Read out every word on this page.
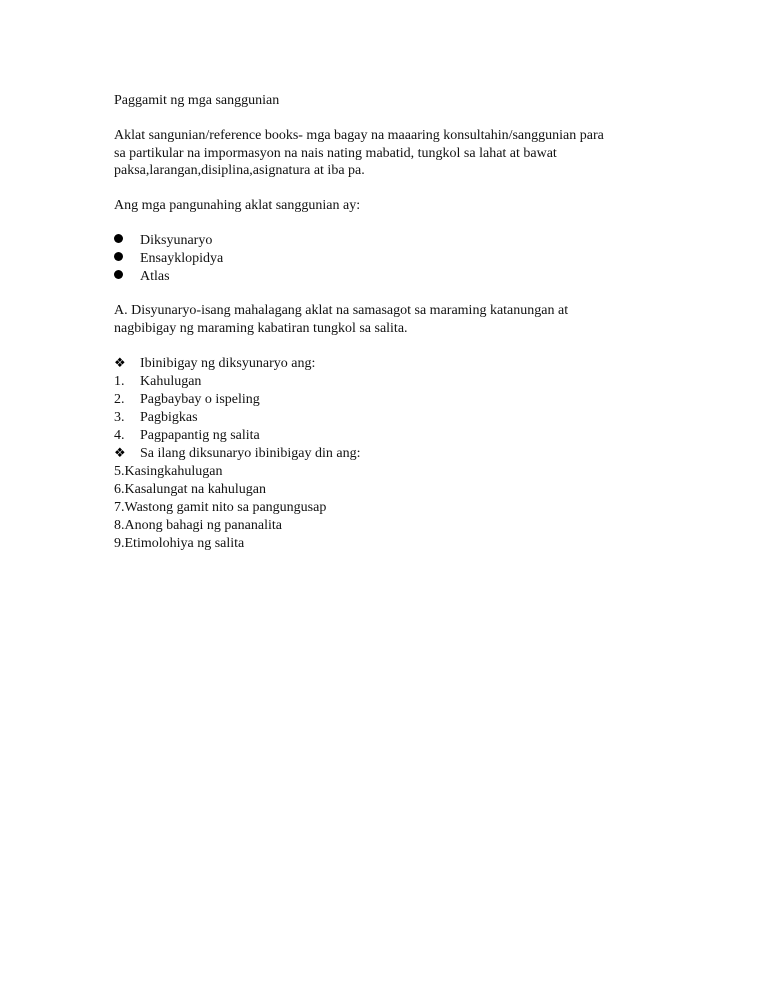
Paggamit ng mga sanggunian
Aklat sangunian/reference books- mga bagay na maaaring konsultahin/sanggunian para
sa partikular na impormasyon na nais nating mabatid, tungkol sa lahat at bawat
paksa,larangan,disiplina,asignatura at iba pa.
Ang mga pangunahing aklat sanggunian ay:
Diksyunaryo
Ensayklopidya
Atlas
A. Disyunaryo-isang mahalagang aklat na samasagot sa maraming katanungan at
nagbibigay ng maraming kabatiran tungkol sa salita.
❖	Ibinibigay ng diksyunaryo ang:
1.	Kahulugan
2.	Pagbaybay o ispeling
3.	Pagbigkas
4.	Pagpapantig ng salita
❖	Sa ilang diksunaryo ibinibigay din ang:
5.Kasingkahulugan
6.Kasalungat na kahulugan
7.Wastong gamit nito sa pangungusap
8.Anong bahagi ng pananalita
9.Etimolohiya ng salita
